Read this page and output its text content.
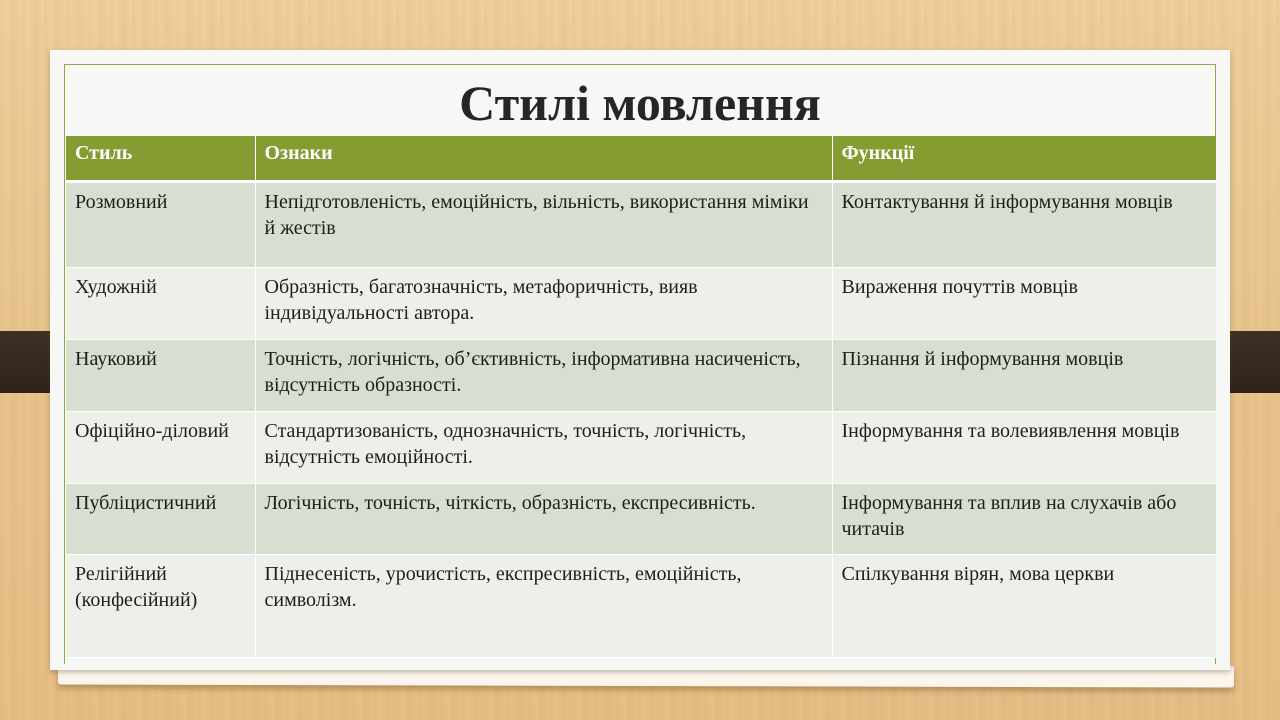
Стилі мовлення
Стиль	Ознаки	Функції
Розмовний	Непідготовленість, емоційність, вільність, використання міміки й жестів	Контактування й інформування мовців
Художній	Образність, багатозначність, метафоричність, вияв індивідуальності автора.	Вираження почуттів мовців
Науковий	Точність, логічність, об’єктивність, інформативна насиченість, відсутність образності.	Пізнання й інформування мовців
Офіційно-діловий	Стандартизованість, однозначність, точність, логічність, відсутність емоційності.	Інформування та волевиявлення мовців
Публіцистичний	Логічність, точність, чіткість, образність, експресивність.	Інформування та вплив на слухачів або читачів
Релігійний (конфесійний)	Піднесеність, урочистість, експресивність, емоційність, символізм.	Спілкування вірян, мова церкви
